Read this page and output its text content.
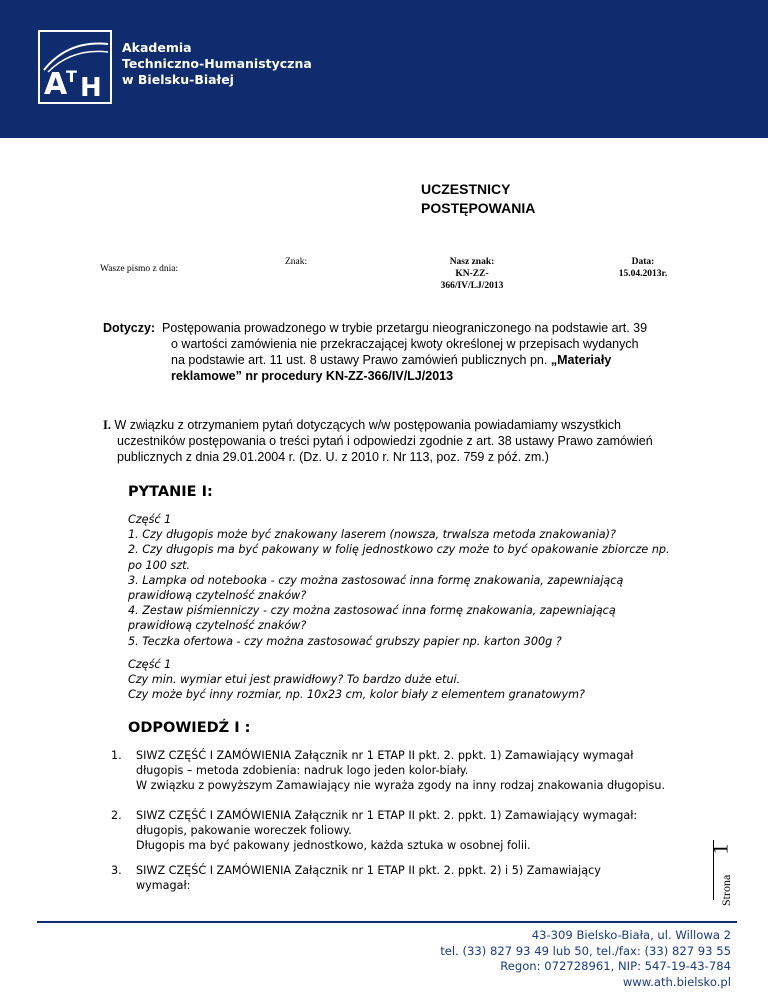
A
T H
Akademia
Techniczno-Humanistyczna
w Bielsku-Białej
UCZESTNICY
POSTĘPOWANIA
Wasze pismo z dnia:
Znak:	Nasz znak:
KN-ZZ-
366/IV/LJ/2013
Data:
15.04.2013r.
Dotyczy: Postępowania prowadzonego w trybie przetargu nieograniczonego na podstawie art. 39
o wartości zamówienia nie przekraczającej kwoty określonej w przepisach wydanych
na podstawie art. 11 ust. 8 ustawy Prawo zamówień publicznych pn. „Materiały
reklamowe” nr procedury KN-ZZ-366/IV/LJ/2013
I. W związku z otrzymaniem pytań dotyczących w/w postępowania powiadamiamy wszystkich
uczestników postępowania o treści pytań i odpowiedzi zgodnie z art. 38 ustawy Prawo zamówień
publicznych z dnia 29.01.2004 r. (Dz. U. z 2010 r. Nr 113, poz. 759 z póź. zm.)
PYTANIE I:
Część 1
1. Czy długopis może być znakowany laserem (nowsza, trwalsza metoda znakowania)?
2. Czy długopis ma być pakowany w folię jednostkowo czy może to być opakowanie zbiorcze np.
po 100 szt.
3. Lampka od notebooka - czy można zastosować inna formę znakowania, zapewniającą
prawidłową czytelność znaków?
4. Zestaw piśmienniczy - czy można zastosować inna formę znakowania, zapewniającą
prawidłową czytelność znaków?
5. Teczka ofertowa - czy można zastosować grubszy papier np. karton 300g ?
Część 1
Czy min. wymiar etui jest prawidłowy? To bardzo duże etui.
Czy może być inny rozmiar, np. 10x23 cm, kolor biały z elementem granatowym?
ODPOWIEDŹ I :
1. SIWZ CZĘŚĆ I ZAMÓWIENIA Załącznik nr 1 ETAP II pkt. 2. ppkt. 1) Zamawiający wymagał
długopis – metoda zdobienia: nadruk logo jeden kolor-biały.
W związku z powyższym Zamawiający nie wyraża zgody na inny rodzaj znakowania długopisu.
2. SIWZ CZĘŚĆ I ZAMÓWIENIA Załącznik nr 1 ETAP II pkt. 2. ppkt. 1) Zamawiający wymagał:
długopis, pakowanie woreczek foliowy.
Długopis ma być pakowany jednostkowo, każda sztuka w osobnej folii.
3. SIWZ CZĘŚĆ I ZAMÓWIENIA Załącznik nr 1 ETAP II pkt. 2. ppkt. 2) i 5) Zamawiający
wymagał:
1
Strona
43-309 Bielsko-Biała, ul. Willowa 2
tel. (33) 827 93 49 lub 50, tel./fax: (33) 827 93 55
Regon: 072728961, NIP: 547-19-43-784
www.ath.bielsko.pl
